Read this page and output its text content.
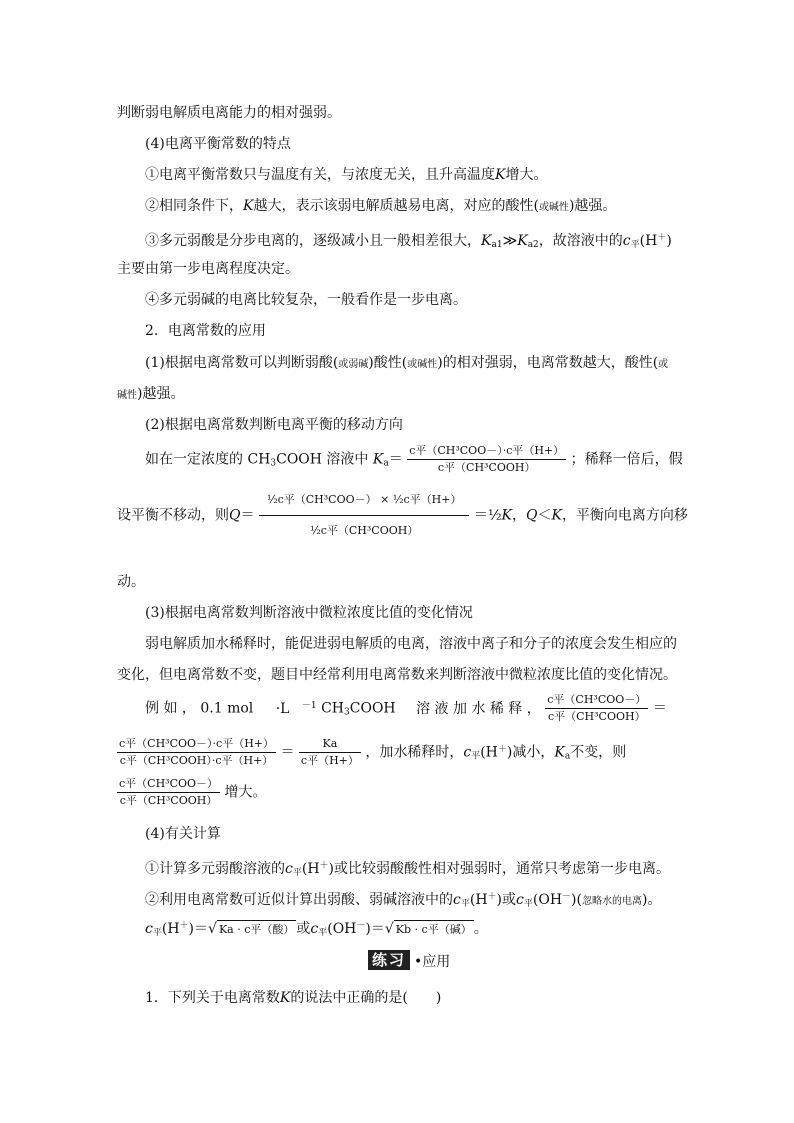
判断弱电解质电离能力的相对强弱。
(4)电离平衡常数的特点
①电离平衡常数只与温度有关，与浓度无关，且升高温度K增大。
②相同条件下，K越大，表示该弱电解质越易电离，对应的酸性(或碱性)越强。
③多元弱酸是分步电离的，逐级减小且一般相差很大，$K_{a1}≫K_{a2}$，故溶液中的$c_平(H^+)$
主要由第一步电离程度决定。
④多元弱碱的电离比较复杂，一般看作是一步电离。
2．电离常数的应用
(1)根据电离常数可以判断弱酸(或弱碱)酸性(或碱性)的相对强弱，电离常数越大，酸性(或
碱性)越强。
(2)根据电离常数判断电离平衡的移动方向
如在一定浓度的 $CH_3COOH$ 溶液中 $K_a= \frac{\text{c平（CH³COO－）·c平（H+）}}{\text{c平（CH³COOH）}}$ ；稀释一倍后，假
设平衡不移动，则$Q= \frac{\text{½c平（CH³COO－） × ½c平（H+）}}{\text{½c平（CH³COOH）}}$ ＝½K，Q＜K，平衡向电离方向移
动。
(3)根据电离常数判断溶液中微粒浓度比值的变化情况
弱电解质加水稀释时，能促进弱电解质的电离，溶液中离子和分子的浓度会发生相应的
变化，但电离常数不变，题目中经常利用电离常数来判断溶液中微粒浓度比值的变化情况。
例 如 ， 0.1 mol ·L $^{-1}$ $CH_3COOH$ 溶 液 加 水 稀 释 ， $\frac{\text{c平（CH³COO－）}}{\text{c平（CH³COOH）}}$ ＝
$\frac{\text{c平（CH³COO－）·c平（H+）}}{\text{c平（CH³COOH）·c平（H+）}} = \frac{Ka}{\text{c平（H+）}}$ ，加水稀释时，$c_平(H^+)$减小，$K_a$不变，则
$\frac{\text{c平（CH³COO－）}}{\text{c平（CH³COOH）}}$ 增大。
(4)有关计算
①计算多元弱酸溶液的$c_平(H^+)$或比较弱酸酸性相对强弱时，通常只考虑第一步电离。
②利用电离常数可近似计算出弱酸、弱碱溶液中的$c_平(H^+)$或$c_平(OH^-)$(忽略水的电离)。
$c_平(H^+)=√$ Ka · c平（酸） 或$c_平(OH^-)=√$ Kb · c平（碱） 。
练习 •应用
1．下列关于电离常数K的说法中正确的是(　　)
